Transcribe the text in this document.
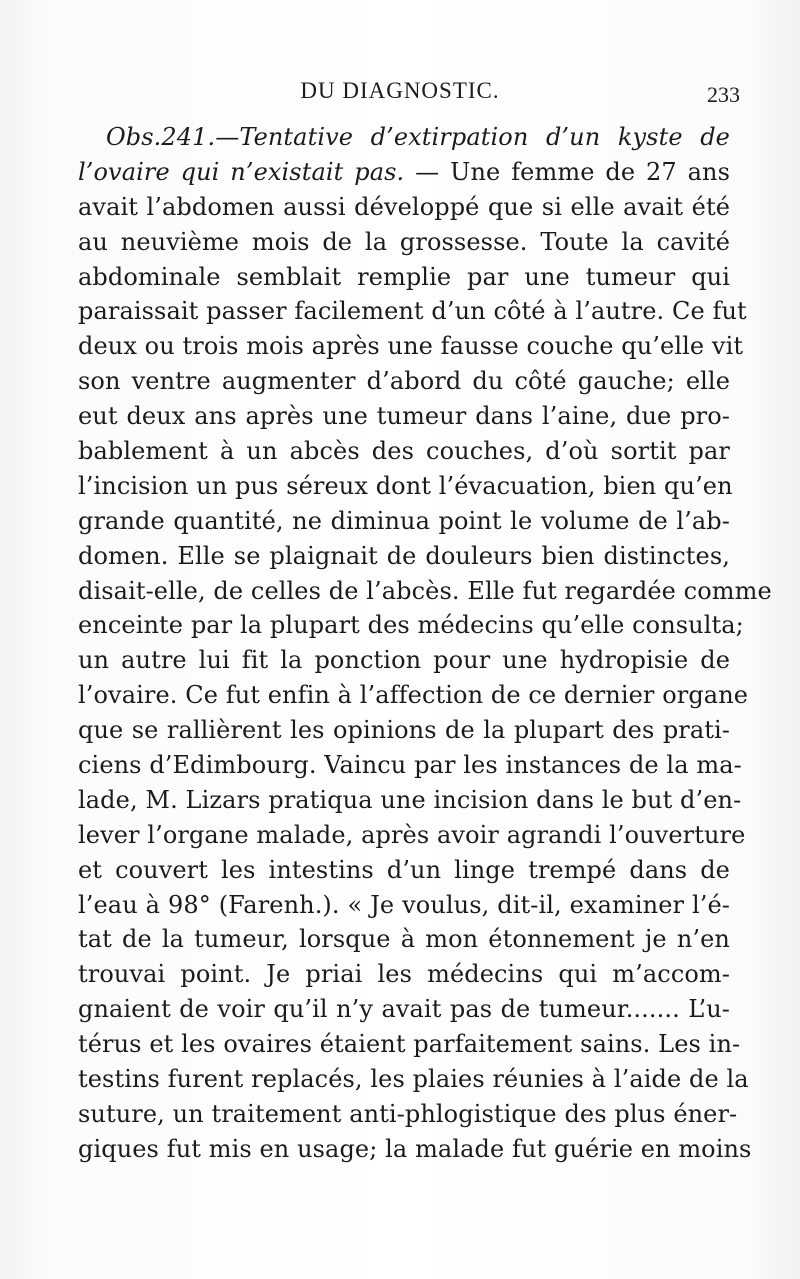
DU DIAGNOSTIC.	233
Obs.241.—Tentative d’extirpation d’un kyste de
l’ovaire qui n’existait pas. — Une femme de 27 ans
avait l’abdomen aussi développé que si elle avait été
au neuvième mois de la grossesse. Toute la cavité
abdominale semblait remplie par une tumeur qui
paraissait passer facilement d’un côté à l’autre. Ce fut
deux ou trois mois après une fausse couche qu’elle vit
son ventre augmenter d’abord du côté gauche; elle
eut deux ans après une tumeur dans l’aine, due pro-
bablement à un abcès des couches, d’où sortit par
l’incision un pus séreux dont l’évacuation, bien qu’en
grande quantité, ne diminua point le volume de l’ab-
domen. Elle se plaignait de douleurs bien distinctes,
disait-elle, de celles de l’abcès. Elle fut regardée comme
enceinte par la plupart des médecins qu’elle consulta;
un autre lui fit la ponction pour une hydropisie de
l’ovaire. Ce fut enfin à l’affection de ce dernier organe
que se rallièrent les opinions de la plupart des prati-
ciens d’Edimbourg. Vaincu par les instances de la ma-
lade, M. Lizars pratiqua une incision dans le but d’en-
lever l’organe malade, après avoir agrandi l’ouverture
et couvert les intestins d’un linge trempé dans de
l’eau à 98° (Farenh.). « Je voulus, dit-il, examiner l’é-
tat de la tumeur, lorsque à mon étonnement je n’en
trouvai point. Je priai les médecins qui m’accom-
gnaient de voir qu’il n’y avait pas de tumeur....... L’u-
térus et les ovaires étaient parfaitement sains. Les in-
testins furent replacés, les plaies réunies à l’aide de la
suture, un traitement anti-phlogistique des plus éner-
giques fut mis en usage; la malade fut guérie en moins
